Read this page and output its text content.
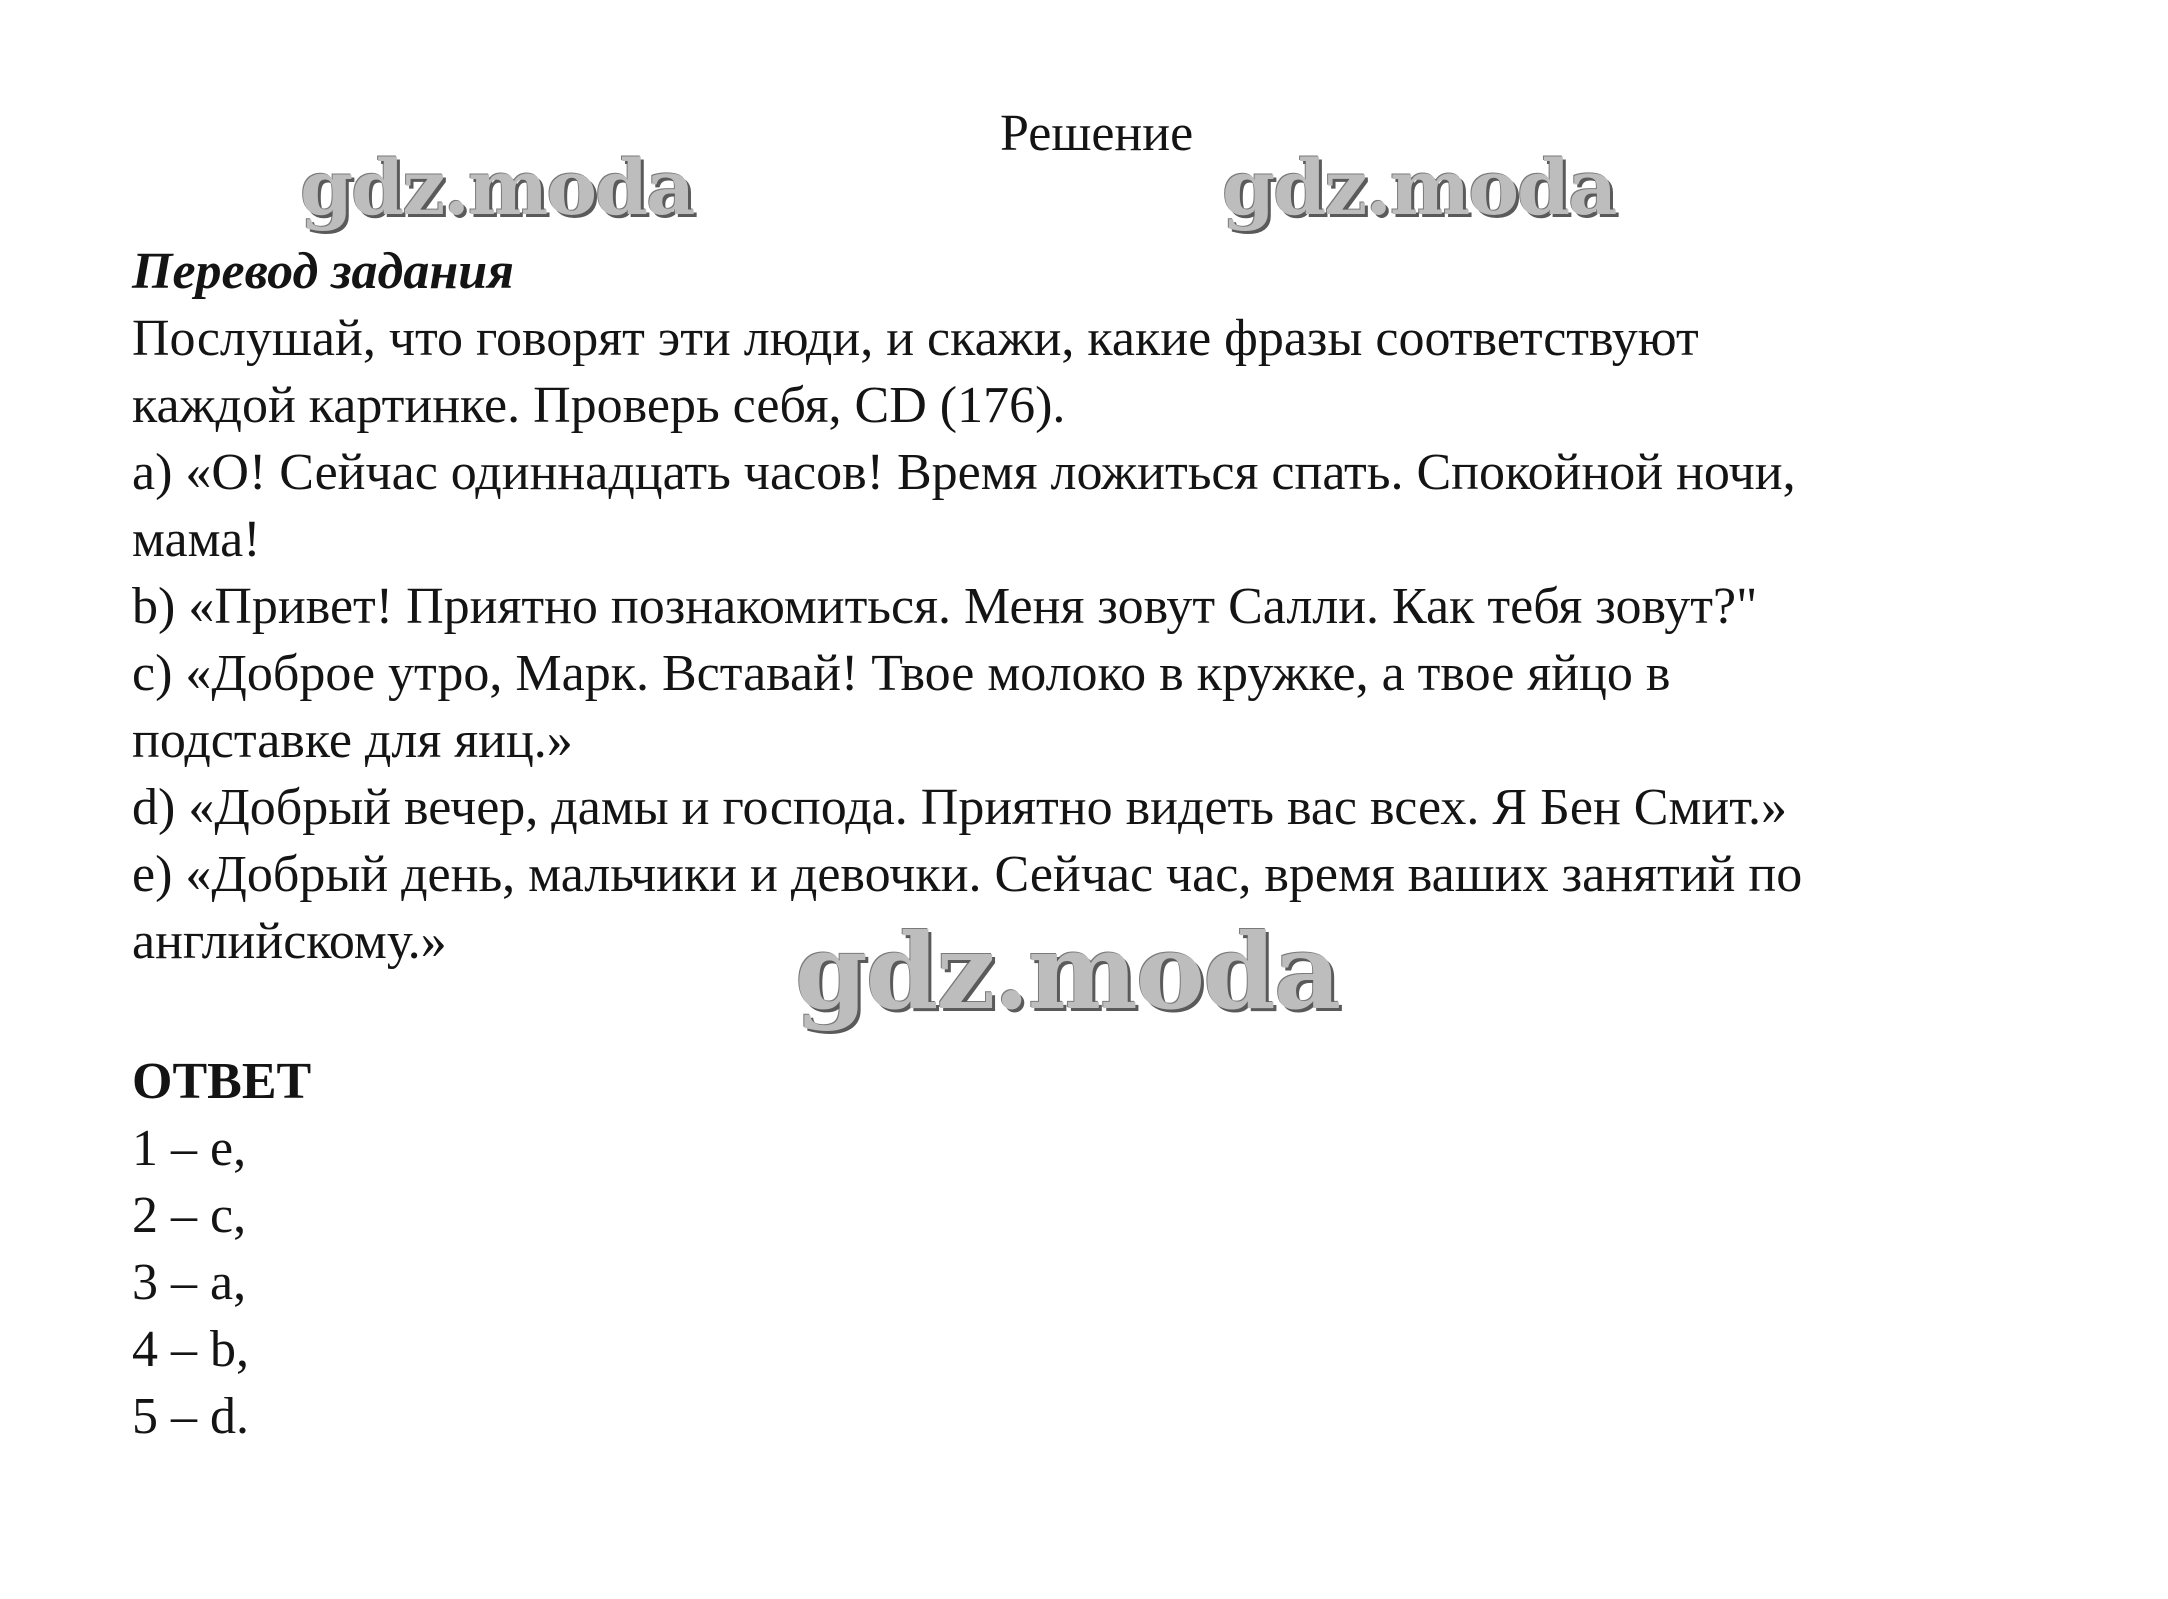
Решение
gdz.moda	gdz.moda

Перевод задания

Послушай, что говорят эти люди, и скажи, какие фразы соответствуют

каждой картинке. Проверь себя, CD (176).

a) «О! Сейчас одиннадцать часов! Время ложиться спать. Спокойной ночи,

мама!

b) «Привет! Приятно познакомиться. Меня зовут Салли. Как тебя зовут?"

c) «Доброе утро, Марк. Вставай! Твое молоко в кружке, а твое яйцо в

подставке для яиц.»

d) «Добрый вечер, дамы и господа. Приятно видеть вас всех. Я Бен Смит.»

e) «Добрый день, мальчики и девочки. Сейчас час, время ваших занятий по

английскому.»	gdz.moda

ОТВЕТ

1 – e,

2 – c,

3 – a,

4 – b,

5 – d.
